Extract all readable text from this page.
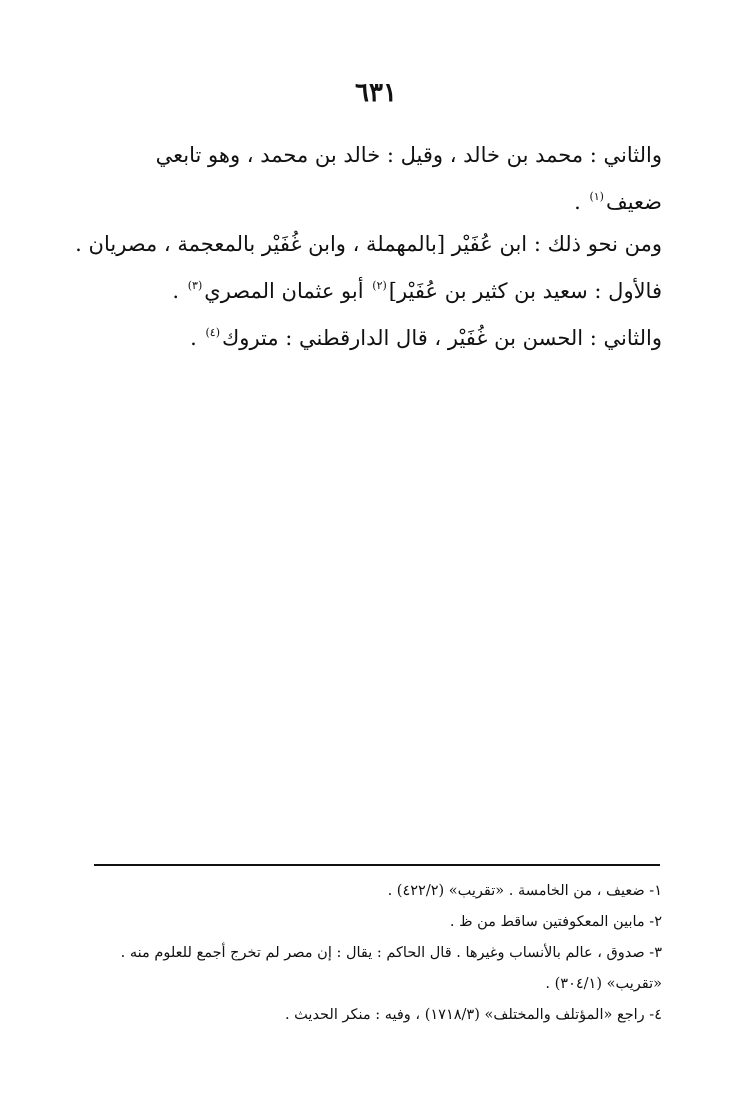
٦٣١

والثاني : محمد بن خالد ، وقيل : خالد بن محمد ، وهو تابعي
ضعيف$^{(١)}$ .

ومن نحو ذلك : ابن عُفَيْر [بالمهملة ، وابن غُفَيْر بالمعجمة ، مصريان .

فالأول : سعيد بن كثير بن عُفَيْر]$^{(٢)}$ أبو عثمان المصري$^{(٣)}$ .

والثاني : الحسن بن غُفَيْر ، قال الدارقطني : متروك$^{(٤)}$ .

١- ضعيف ، من الخامسة . «تقريب» (٤٢٢/٢) .

٢- مابين المعكوفتين ساقط من ظ .

٣- صدوق ، عالم بالأنساب وغيرها . قال الحاكم : يقال : إن مصر لم تخرج أجمع للعلوم منه .
«تقريب» (٣٠٤/١) .

٤- راجع «المؤتلف والمختلف» (١٧١٨/٣) ، وفيه : منكر الحديث .
